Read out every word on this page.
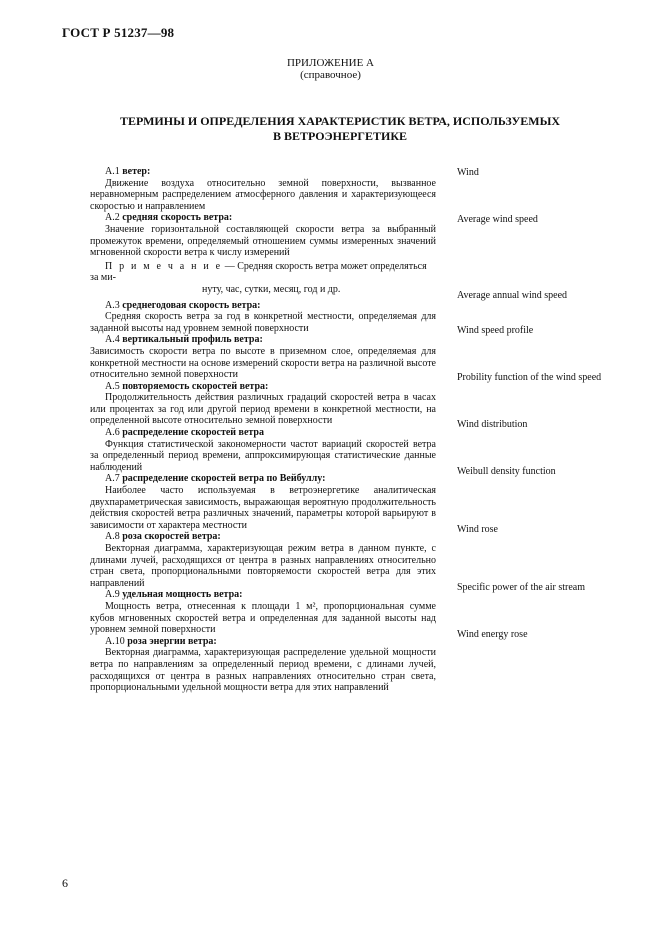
ГОСТ Р 51237—98
ПРИЛОЖЕНИЕ А
(справочное)
ТЕРМИНЫ И ОПРЕДЕЛЕНИЯ ХАРАКТЕРИСТИК ВЕТРА, ИСПОЛЬЗУЕМЫХ
В ВЕТРОЭНЕРГЕТИКЕ
  А.1 ветер:
  Движение воздуха относительно земной поверхности, вызванное неравномерным распределением атмосферного давления и характеризующееся скоростью и направлением
  А.2 средняя скорость ветра:
  Значение горизонтальной составляющей скорости ветра за выбранный промежуток времени, определяемый отношением суммы измеренных значений мгновенной скорости ветра к числу измерений
  П р и м е ч а н и е — Средняя скорость ветра может определяться за ми-
нуту, час, сутки, месяц, год и др.
  А.3 среднегодовая скорость ветра:
  Средняя скорость ветра за год в конкретной местности, определяемая для заданной высоты над уровнем земной поверхности
  А.4 вертикальный профиль ветра:
Зависимость скорости ветра по высоте в приземном слое, определяемая для конкретной местности на основе измерений скорости ветра на различной высоте относительно земной поверхности
  А.5 повторяемость скоростей ветра:
  Продолжительность действия различных градаций скоростей ветра в часах или процентах за год или другой период времени в конкретной местности, на определенной высоте относительно земной поверхности
  А.6 распределение скоростей ветра
  Функция статистической закономерности частот вариаций скоростей ветра за определенный период времени, аппроксимирующая статистические данные наблюдений
  А.7 распределение скоростей ветра по Вейбуллу:
  Наиболее часто используемая в ветроэнергетике аналитическая двухпараметрическая зависимость, выражающая вероятную продолжительность действия скоростей ветра различных значений, параметры которой варьируют в зависимости от характера местности
  А.8 роза скоростей ветра:
  Векторная диаграмма, характеризующая режим ветра в данном пункте, с длинами лучей, расходящихся от центра в разных направлениях относительно стран света, пропорциональными повторяемости скоростей ветра для этих направлений
  А.9 удельная мощность ветра:
  Мощность ветра, отнесенная к площади 1 м², пропорциональная сумме кубов мгновенных скоростей ветра и определенная для заданной высоты над уровнем земной поверхности
  А.10 роза энергии ветра:
  Векторная диаграмма, характеризующая распределение удельной мощности ветра по направлениям за определенный период времени, с длинами лучей, расходящихся от центра в разных направлениях относительно стран света, пропорциональными удельной мощности ветра для этих направлений
Wind
Average wind speed
Average annual wind speed
Wind speed profile
Probility function of the wind speed
Wind distribution
Weibull density function
Wind rose
Specific power of the air stream
Wind energy rose
6
